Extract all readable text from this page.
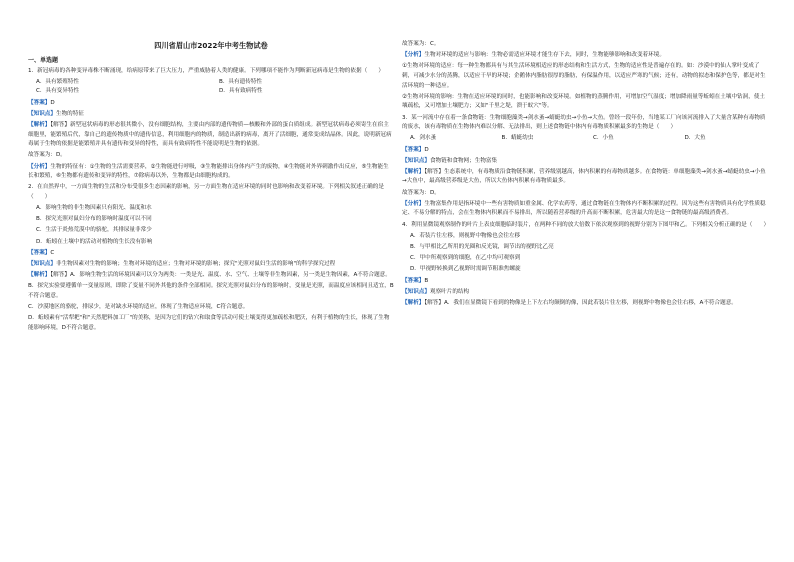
四川省眉山市2022年中考生物试卷
一、单选题

1．新冠病毒的各种变异毒株不断涌现，给病原带来了巨大压力，严重威胁着人类的健康。下列哪项不能作为判断新冠病毒是生物的依据（　　）

A．具有繁殖特性	B．具有遗传特性
C．具有变异特性	D．具有致病特性

【答案】D

【知识点】生物的特征

【解析】【解答】新型冠状病毒的形态很其微小，没有细胞结构，主要由内部的遗传物质—核酸和外部的蛋白质组成。新型冠状病毒必须寄生在宿主细胞里，能繁殖后代，靠自己的遗传物质中的遗传信息，利用细胞内的物质，制造出新的病毒，离开了活细胞，通常变成结晶体。因此，说明新冠病毒属于生物的依据是能繁殖并具有遗传和变异的特性，而具有致病特性不能说明是生物的依据。

故答案为：D。

【分析】生物的特征有：①生物的生活需要营养，②生物能进行呼吸，③生物能排出身体内产生的废物，④生物能对外界刺激作出反应，⑤生物能生长和繁殖，⑥生物都有遗传和变异的特性，⑦除病毒以外，生物都是由细胞构成的。

2．在自然界中，一方面生物的生活和分布受很多生态因素的影响，另一方面生物在适应环境的同时也影响和改变着环境。下列相关叙述正确的是（　　）

A．影响生物的非生物因素只有阳光、温度和水
B．探究光照对鼠妇分布的影响时温度可以不同
C．生活于炎热荒漠中的骆驼，其排尿量非常少
D．蚯蚓在土壤中的活动对植物的生长没有影响

【答案】C

【知识点】非生物因素对生物的影响；生物对环境的适应；生物对环境的影响；探究"光照对鼠妇生活的影响"的科学探究过程

【解析】【解答】A．影响生物生活的环境因素可以分为两类：一类是光、温度、水、空气、土壤等非生物因素，另一类是生物因素，A不符合题意。

B．探究实验要遵循单一变量原则，即除了变量不同外其他的条件全部相同。探究光照对鼠妇分布的影响时，变量是光照，而温度应该相同且适宜，B不符合题意。

C．沙漠地区的骆驼，排尿少，是对缺水环境的适应，体现了生物适应环境，C符合题意。

D．蚯蚓素有"活犁耙"和"天然肥料加工厂"的美称，是因为它们的钻穴和取食等活动可使土壤变得更加疏松和肥沃，有利于植物的生长，体现了生物能影响环境，D不符合题意。

故答案为：C。

【分析】生物对环境的适应与影响：生物必需适应环境才能生存下去，同时，生物能够影响和改变着环境。

①生物对环境的适应：每一种生物都具有与其生活环境相适应的形态结构和生活方式，生物的适应性是普遍存在的。如：沙漠中的仙人掌叶变成了刺，可减少水分的蒸腾，以适应干旱的环境；企鹅体内脂肪很厚的脂肪，有保温作用，以适应严寒的气候；还有，动物的拟态和保护色等，都是对生活环境的一种适应。

②生物对环境的影响：生物在适应环境的同时，也能影响和改变环境。如植物的蒸腾作用，可增加空气湿度；增加降雨量等蚯蚓在土壤中钻洞，使土壤疏松，又可增加土壤肥力；又如"千里之堤，溃于蚁穴"等。

3．某一河流中存在着一条食物链：生物细胞藻类→剑水蚤→蜻蜓幼虫→小鱼→大鱼。曾经一段年份，当地某工厂向该河流排入了大量含某种有毒物质的废水，该有毒物质在生物体内难以分解、无法排出，则上述食物链中体内有毒物质积累最多的生物是（　　）

A．剑水蚤	B．蜻蜓幼虫	C．小鱼	D．大鱼

【答案】D

【知识点】食物链和食物网；生物富集

【解析】【解答】生态系统中，有毒物质沿食物链积累，营养级别越高，体内积累的有毒物质越多。在食物链：单细胞藻类→剑水蚤→蜻蜓幼虫→小鱼→大鱼中，最高级营养级是大鱼，所以大鱼体内积累有毒物质最多。

故答案为：D。

【分析】生物富集作用是指环境中一些有害物质如重金属、化学农药等，通过食物链在生物体内不断积累的过程。因为这些有害物质具有化学性质稳定、不易分解的特点，会在生物体内积累而不易排出，所以随着营养级的升高而不断积累，危害最大的是这一食物链的最高级消费者。

4．利用显微镜观察制作的叶片上表皮细胞临时装片，在两种不同的放大倍数下依次观察到的视野分别为下图甲和乙。下列相关分析正确的是（　　）

A．若装片往左移，则视野中物像也会往左移
B．与甲相比乙所用的光圈和反光镜，调节出的视野比乙亮
C．甲中所观察到的细胞，在乙中均可观察到
D．甲视野转换到乙视野时需调节粗准焦螺旋

【答案】B

【知识点】观察叶片的结构

【解析】【解答】A．我们在显微镜下看到的物像是上下左右均颠倒的像，因此若装片往左移，则视野中物像也会往右移，A不符合题意。
